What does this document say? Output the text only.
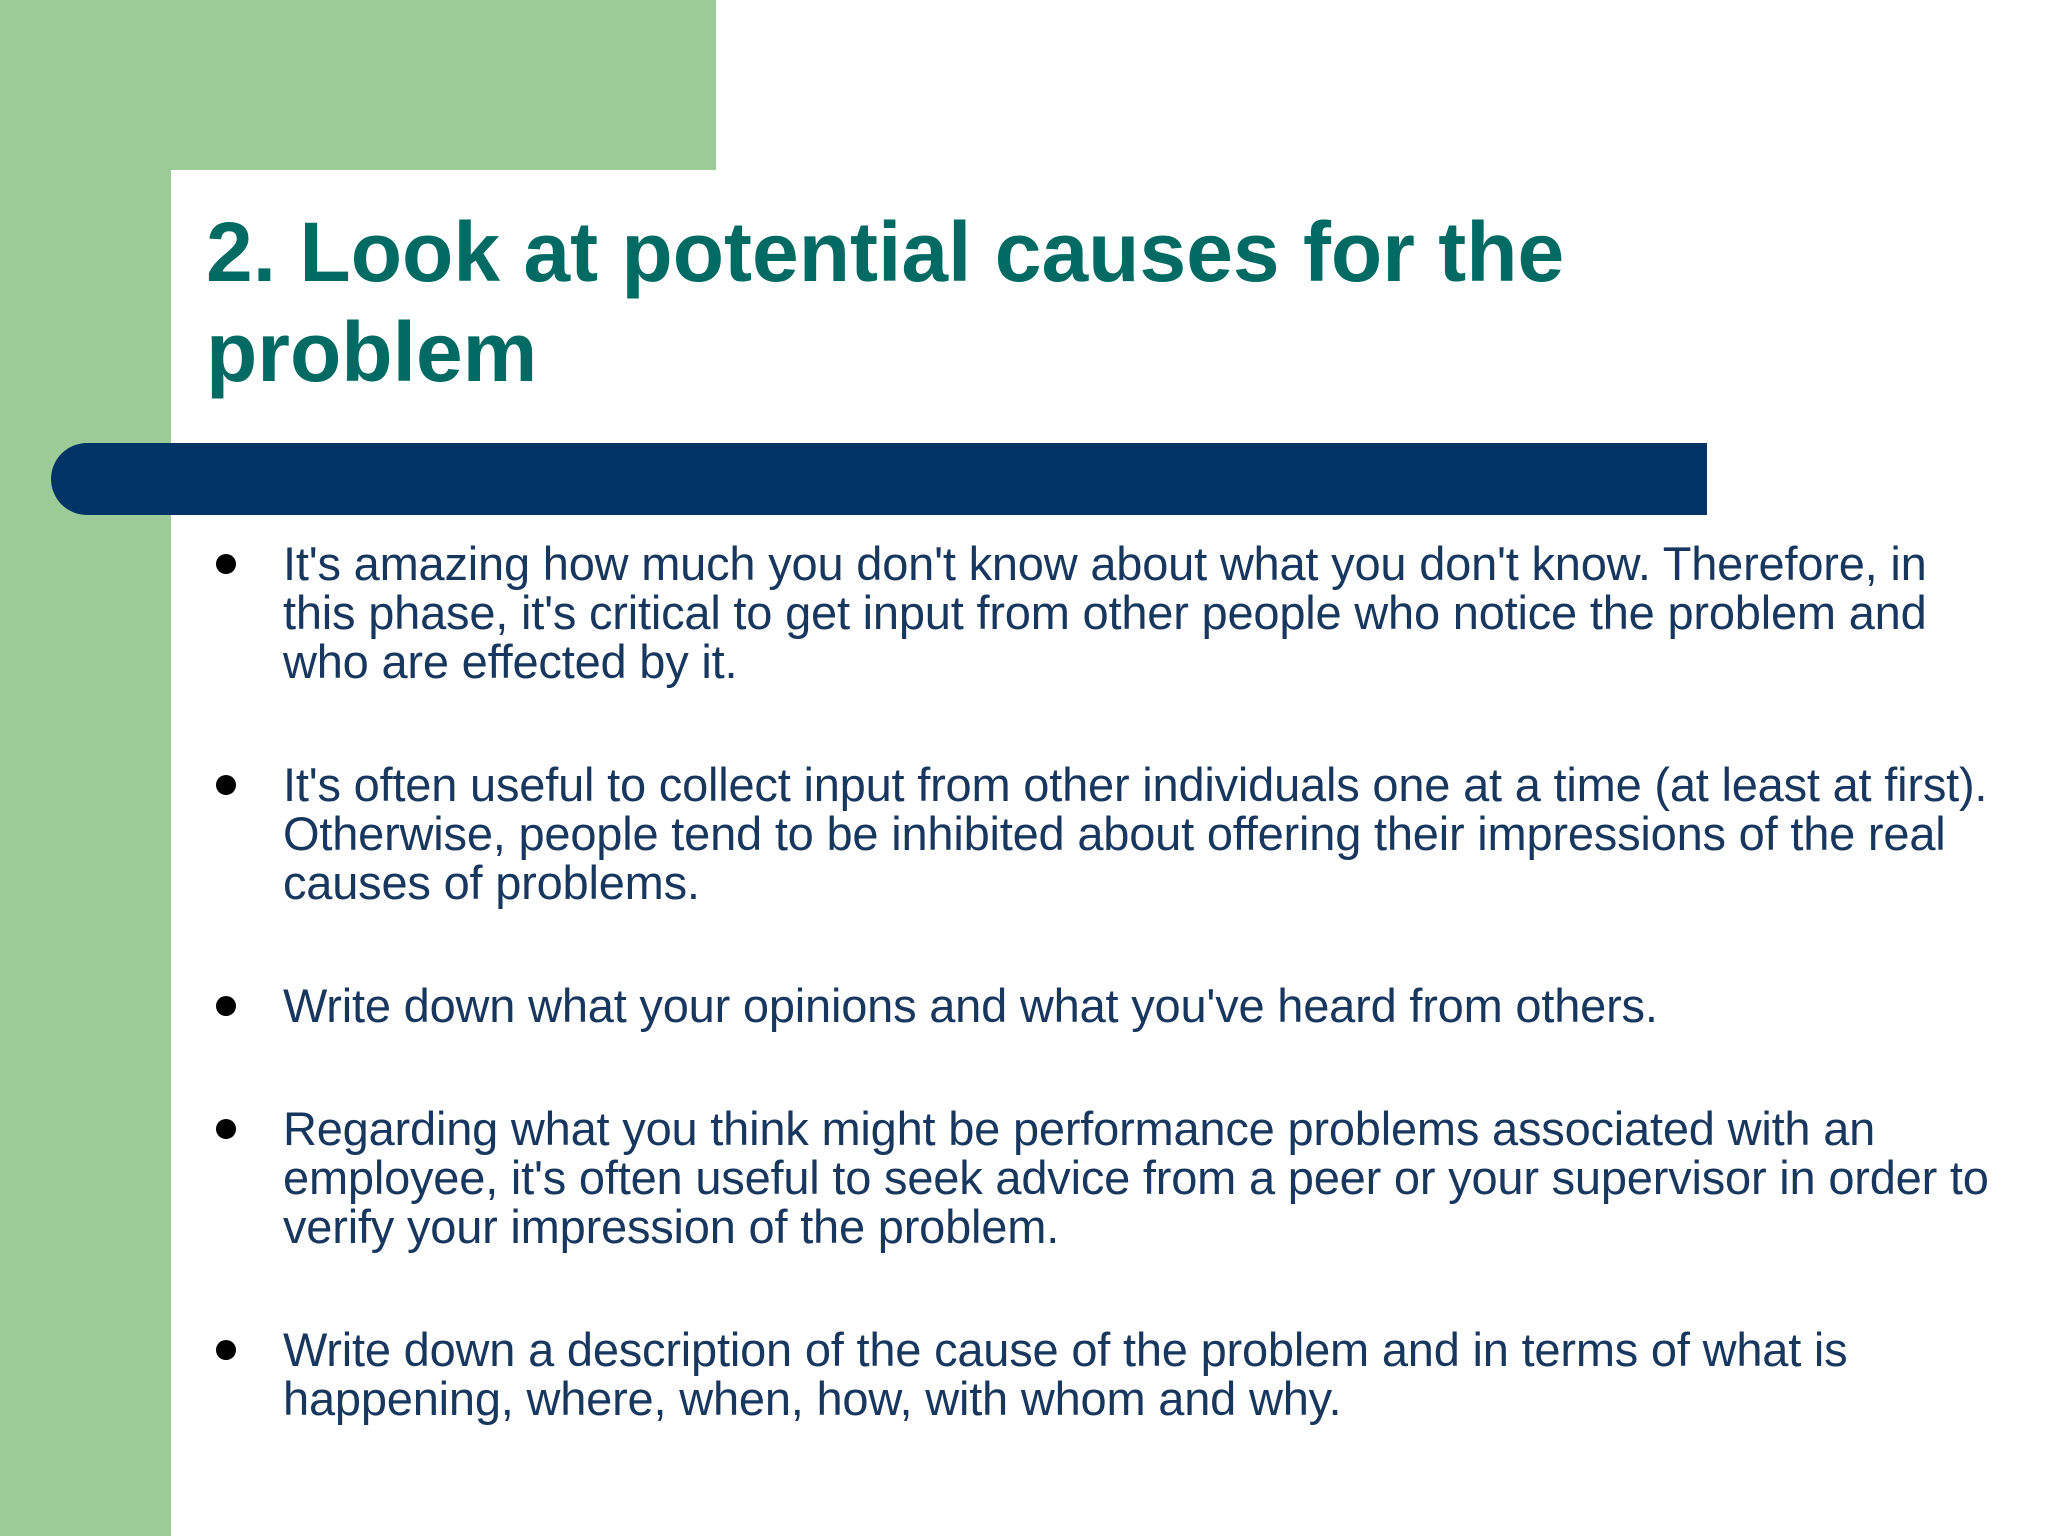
2. Look at potential causes for the problem
It's amazing how much you don't know about what you don't know. Therefore, in this phase, it's critical to get input from other people who notice the problem and who are effected by it.
It's often useful to collect input from other individuals one at a time (at least at first). Otherwise, people tend to be inhibited about offering their impressions of the real causes of problems.
Write down what your opinions and what you've heard from others.
Regarding what you think might be performance problems associated with an employee, it's often useful to seek advice from a peer or your supervisor in order to verify your impression of the problem.
Write down a description of the cause of the problem and in terms of what is happening, where, when, how, with whom and why.
